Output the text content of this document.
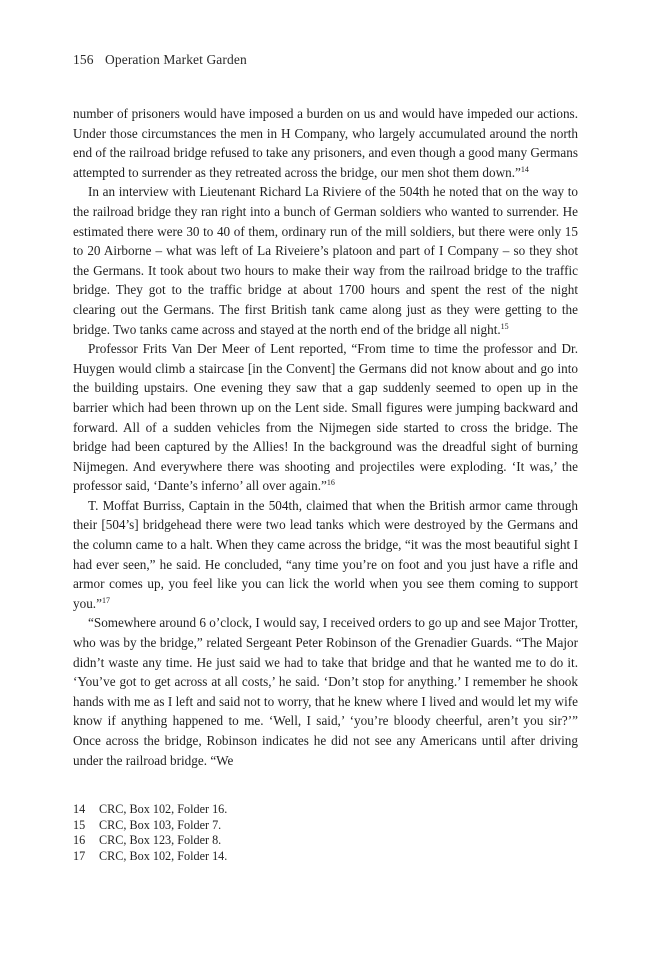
156 Operation Market Garden

number of prisoners would have imposed a burden on us and would have impeded our actions. Under those circumstances the men in H Company, who largely accumulated around the north end of the railroad bridge refused to take any prisoners, and even though a good many Germans attempted to surrender as they retreated across the bridge, our men shot them down.”$^{14}$

In an interview with Lieutenant Richard La Riviere of the 504th he noted that on the way to the railroad bridge they ran right into a bunch of German soldiers who wanted to surrender. He estimated there were 30 to 40 of them, ordinary run of the mill soldiers, but there were only 15 to 20 Airborne – what was left of La Riveiere’s platoon and part of I Company – so they shot the Germans. It took about two hours to make their way from the railroad bridge to the traffic bridge. They got to the traffic bridge at about 1700 hours and spent the rest of the night clearing out the Germans. The first British tank came along just as they were getting to the bridge. Two tanks came across and stayed at the north end of the bridge all night.$^{15}$

Professor Frits Van Der Meer of Lent reported, “From time to time the professor and Dr. Huygen would climb a staircase [in the Convent] the Germans did not know about and go into the building upstairs. One evening they saw that a gap suddenly seemed to open up in the barrier which had been thrown up on the Lent side. Small figures were jumping backward and forward. All of a sudden vehicles from the Nijmegen side started to cross the bridge. The bridge had been captured by the Allies! In the background was the dreadful sight of burning Nijmegen. And everywhere there was shooting and projectiles were exploding. ‘It was,’ the professor said, ‘Dante’s inferno’ all over again.”$^{16}$

T. Moffat Burriss, Captain in the 504th, claimed that when the British armor came through their [504’s] bridgehead there were two lead tanks which were destroyed by the Germans and the column came to a halt. When they came across the bridge, “it was the most beautiful sight I had ever seen,” he said. He concluded, “any time you’re on foot and you just have a rifle and armor comes up, you feel like you can lick the world when you see them coming to support you.”$^{17}$

“Somewhere around 6 o’clock, I would say, I received orders to go up and see Major Trotter, who was by the bridge,” related Sergeant Peter Robinson of the Grenadier Guards. “The Major didn’t waste any time. He just said we had to take that bridge and that he wanted me to do it. ‘You’ve got to get across at all costs,’ he said. ‘Don’t stop for anything.’ I remember he shook hands with me as I left and said not to worry, that he knew where I lived and would let my wife know if anything happened to me. ‘Well, I said,’ ‘you’re bloody cheerful, aren’t you sir?’” Once across the bridge, Robinson indicates he did not see any Americans until after driving under the railroad bridge. “We

14	CRC, Box 102, Folder 16.
15	CRC, Box 103, Folder 7.
16	CRC, Box 123, Folder 8.
17	CRC, Box 102, Folder 14.
